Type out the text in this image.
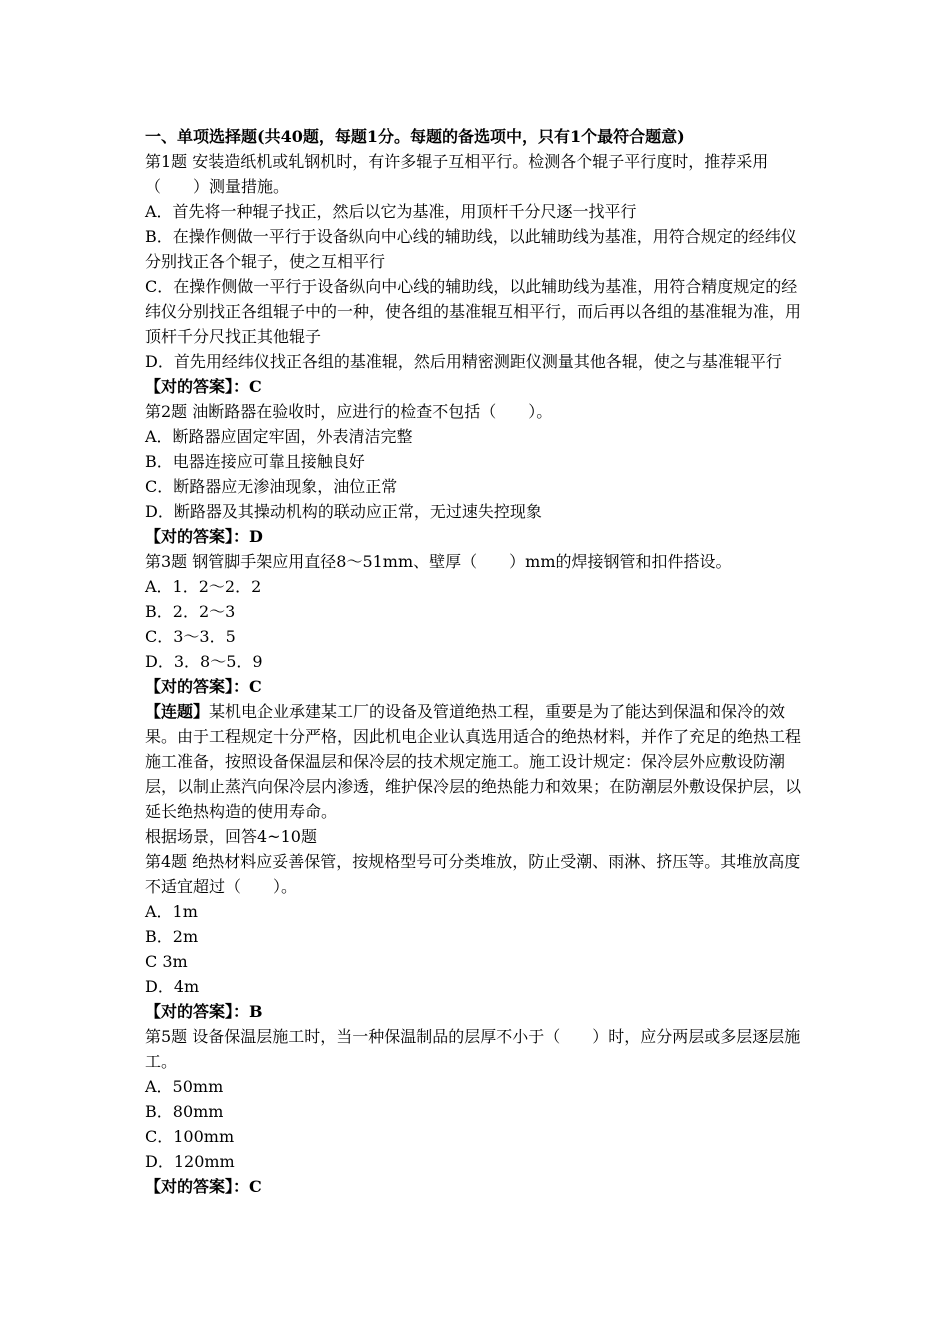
一、单项选择题(共40题，每题1分。每题的备选项中，只有1个最符合题意)
第1题 安装造纸机或轧钢机时，有许多辊子互相平行。检测各个辊子平行度时，推荐采用（　　）测量措施。
A．首先将一种辊子找正，然后以它为基准，用顶杆千分尺逐一找平行
B．在操作侧做一平行于设备纵向中心线的辅助线，以此辅助线为基准，用符合规定的经纬仪分别找正各个辊子，使之互相平行
C．在操作侧做一平行于设备纵向中心线的辅助线，以此辅助线为基准，用符合精度规定的经纬仪分别找正各组辊子中的一种，使各组的基准辊互相平行，而后再以各组的基准辊为准，用顶杆千分尺找正其他辊子
D．首先用经纬仪找正各组的基准辊，然后用精密测距仪测量其他各辊，使之与基准辊平行
【对的答案】：C
第2题 油断路器在验收时，应进行的检查不包括（　　）。
A．断路器应固定牢固，外表清洁完整
B．电器连接应可靠且接触良好
C．断路器应无渗油现象，油位正常
D．断路器及其操动机构的联动应正常，无过速失控现象
【对的答案】：D
第3题 钢管脚手架应用直径8～51mm、壁厚（　　）mm的焊接钢管和扣件搭设。
A．1．2～2．2
B．2．2～3
C．3～3．5
D．3．8～5．9
【对的答案】：C
【连题】某机电企业承建某工厂的设备及管道绝热工程，重要是为了能达到保温和保冷的效果。由于工程规定十分严格，因此机电企业认真选用适合的绝热材料，并作了充足的绝热工程施工准备，按照设备保温层和保冷层的技术规定施工。施工设计规定：保冷层外应敷设防潮层，以制止蒸汽向保冷层内渗透，维护保冷层的绝热能力和效果；在防潮层外敷设保护层，以延长绝热构造的使用寿命。
根据场景，回答4~10题
第4题 绝热材料应妥善保管，按规格型号可分类堆放，防止受潮、雨淋、挤压等。其堆放高度不适宜超过（　　）。
A．1m
B．2m
C 3m
D．4m
【对的答案】：B
第5题 设备保温层施工时，当一种保温制品的层厚不小于（　　）时，应分两层或多层逐层施工。
A．50mm
B．80mm
C．100mm
D．120mm
【对的答案】：C
